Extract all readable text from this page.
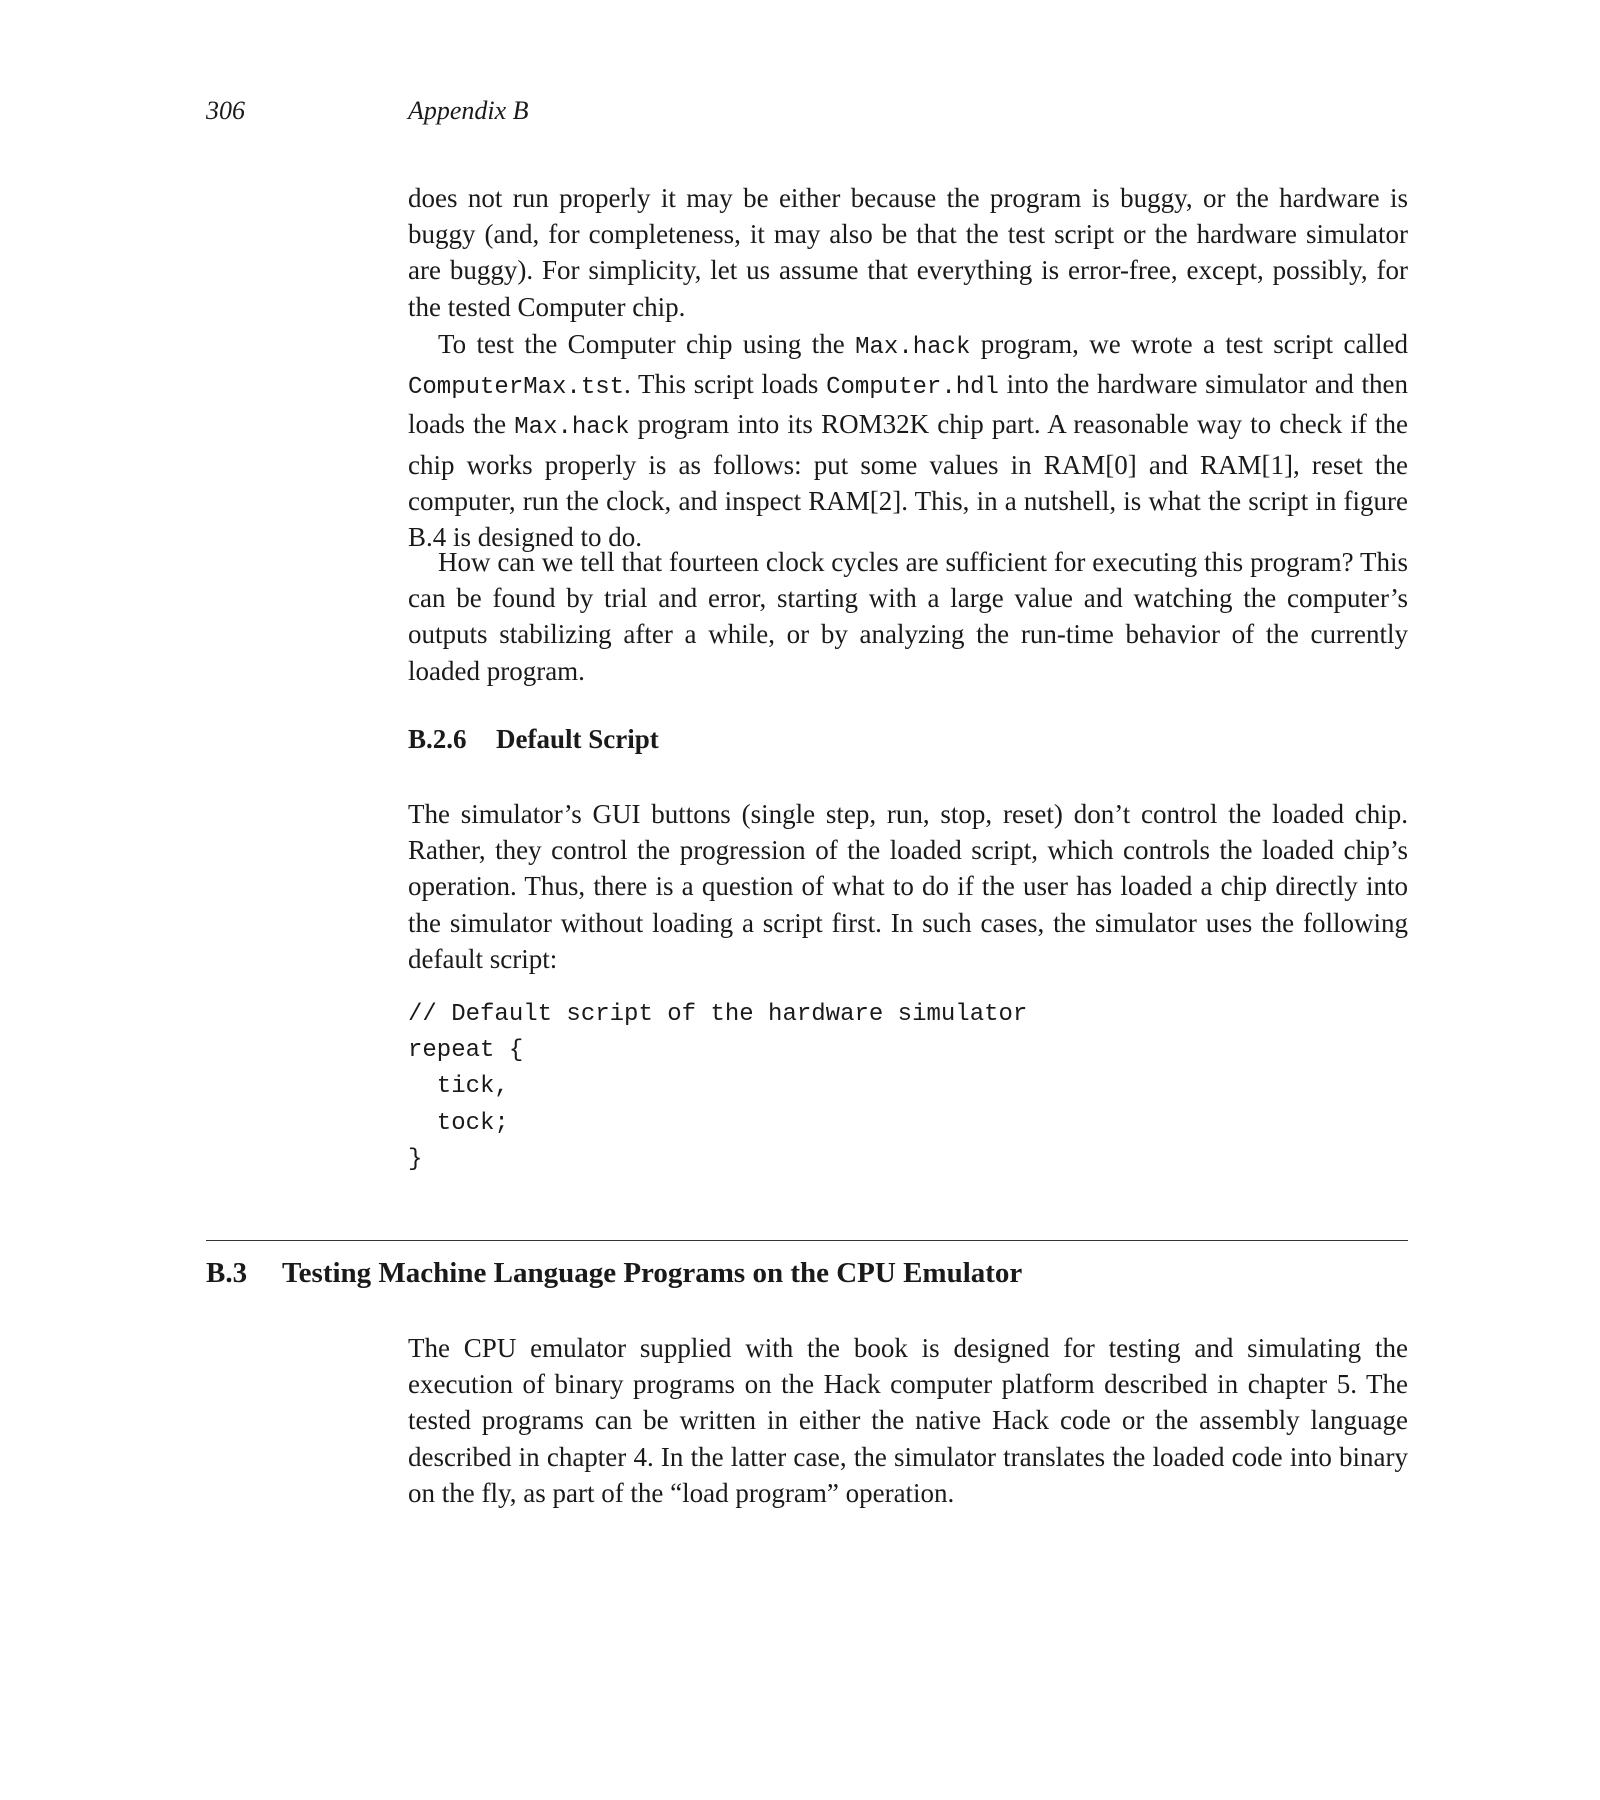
306	Appendix B

does not run properly it may be either because the program is buggy, or the hardware is buggy (and, for completeness, it may also be that the test script or the hardware simulator are buggy). For simplicity, let us assume that everything is error-free, except, possibly, for the tested Computer chip.

To test the Computer chip using the Max.hack program, we wrote a test script called ComputerMax.tst. This script loads Computer.hdl into the hardware simulator and then loads the Max.hack program into its ROM32K chip part. A reasonable way to check if the chip works properly is as follows: put some values in RAM[0] and RAM[1], reset the computer, run the clock, and inspect RAM[2]. This, in a nutshell, is what the script in figure B.4 is designed to do.

How can we tell that fourteen clock cycles are sufficient for executing this program? This can be found by trial and error, starting with a large value and watching the computer’s outputs stabilizing after a while, or by analyzing the run-time behavior of the currently loaded program.

B.2.6 Default Script

The simulator’s GUI buttons (single step, run, stop, reset) don’t control the loaded chip. Rather, they control the progression of the loaded script, which controls the loaded chip’s operation. Thus, there is a question of what to do if the user has loaded a chip directly into the simulator without loading a script first. In such cases, the simulator uses the following default script:

// Default script of the hardware simulator
repeat {
tick,
tock;
}
B.3 Testing Machine Language Programs on the CPU Emulator

The CPU emulator supplied with the book is designed for testing and simulating the execution of binary programs on the Hack computer platform described in chapter 5. The tested programs can be written in either the native Hack code or the assembly language described in chapter 4. In the latter case, the simulator translates the loaded code into binary on the fly, as part of the “load program” operation.
